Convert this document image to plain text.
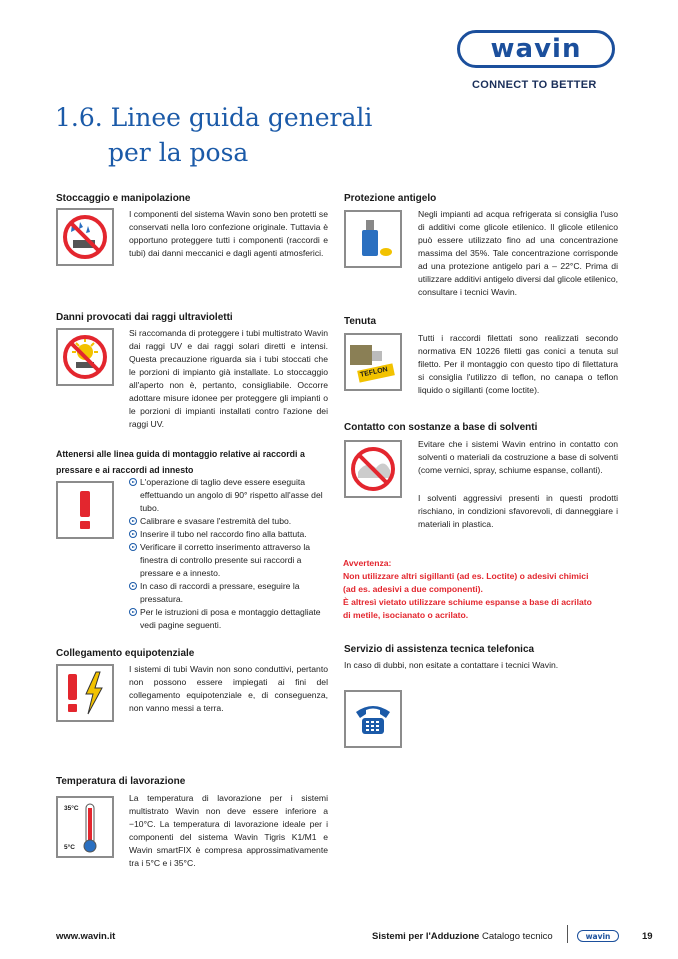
wavin
CONNECT TO BETTER
1.6. Linee guida generali
per la posa
Stoccaggio e manipolazione
I componenti del sistema Wavin sono ben protetti se conservati nella loro confezione originale. Tuttavia è opportuno proteggere tutti i componenti (raccordi e tubi) dai danni meccanici e dagli agenti atmosferici.
Danni provocati dai raggi ultravioletti
Si raccomanda di proteggere i tubi multistrato Wavin dai raggi UV e dai raggi solari diretti e intensi. Questa precauzione riguarda sia i tubi stoccati che le porzioni di impianto già installate. Lo stoccaggio all'aperto non è, pertanto, consigliabile. Occorre adottare misure idonee per proteggere gli impianti o le porzioni di impianti installati contro l'azione dei raggi UV.
Attenersi alle linea guida di montaggio relative ai raccordi a
pressare e ai raccordi ad innesto
L'operazione di taglio deve essere eseguita effettuando un angolo di 90° rispetto all'asse del tubo.
Calibrare e svasare l'estremità del tubo.
Inserire il tubo nel raccordo fino alla battuta.
Verificare il corretto inserimento attraverso la finestra di controllo presente sui raccordi a pressare e a innesto.
In caso di raccordi a pressare, eseguire la pressatura.
Per le istruzioni di posa e montaggio dettagliate vedi pagine seguenti.
Collegamento equipotenziale
I sistemi di tubi Wavin non sono conduttivi, pertanto non possono essere impiegati ai fini del collegamento equipotenziale e, di conseguenza, non vanno messi a terra.
Temperatura di lavorazione
35°C
5°C
La temperatura di lavorazione per i sistemi multistrato Wavin non deve essere inferiore a −10°C. La temperatura di lavorazione ideale per i componenti del sistema Wavin Tigris K1/M1 e Wavin smartFIX è compresa approssimativamente tra i 5°C e i 35°C.
Protezione antigelo
Negli impianti ad acqua refrigerata si consiglia l'uso di additivi come glicole etilenico. Il glicole etilenico può essere utilizzato fino ad una concentrazione massima del 35%. Tale concentrazione corrisponde ad una protezione antigelo pari a – 22°C. Prima di utilizzare additivi antigelo diversi dal glicole etilenico, consultare i tecnici Wavin.
Tenuta
TEFLON
Tutti i raccordi filettati sono realizzati secondo normativa EN 10226 filetti gas conici a tenuta sul filetto. Per il montaggio con questo tipo di filettatura si consiglia l'utilizzo di teflon, no canapa o teflon liquido o sigillanti (come loctite).
Contatto con sostanze a base di solventi
Evitare che i sistemi Wavin entrino in contatto con solventi o materiali da costruzione a base di solventi (come vernici, spray, schiume espanse, collanti).
I solventi aggressivi presenti in questi prodotti rischiano, in condizioni sfavorevoli, di danneggiare i materiali in plastica.
Avvertenza:
Non utilizzare altri sigillanti (ad es. Loctite) o adesivi chimici
(ad es. adesivi a due componenti).
È altresì vietato utilizzare schiume espanse a base di acrilato
di metile, isocianato o acrilato.
Servizio di assistenza tecnica telefonica
In caso di dubbi, non esitate a contattare i tecnici Wavin.
www.wavin.it	Sistemi per l'Adduzione Catalogo tecnico	wavin	19
